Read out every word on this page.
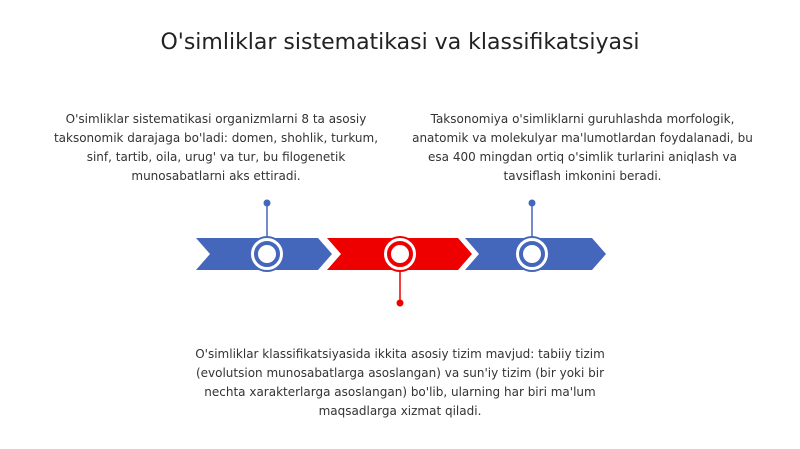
O'simliklar sistematikasi va klassifikatsiyasi
O'simliklar sistematikasi organizmlarni 8 ta asosiy taksonomik darajaga bo'ladi: domen, shohlik, turkum, sinf, tartib, oila, urug' va tur, bu filogenetik munosabatlarni aks ettiradi.
Taksonomiya o'simliklarni guruhlashda morfologik, anatomik va molekulyar ma'lumotlardan foydalanadi, bu esa 400 mingdan ortiq o'simlik turlarini aniqlash va tavsiflash imkonini beradi.
O'simliklar klassifikatsiyasida ikkita asosiy tizim mavjud: tabiiy tizim (evolutsion munosabatlarga asoslangan) va sun'iy tizim (bir yoki bir nechta xarakterlarga asoslangan) bo'lib, ularning har biri ma'lum maqsadlarga xizmat qiladi.
